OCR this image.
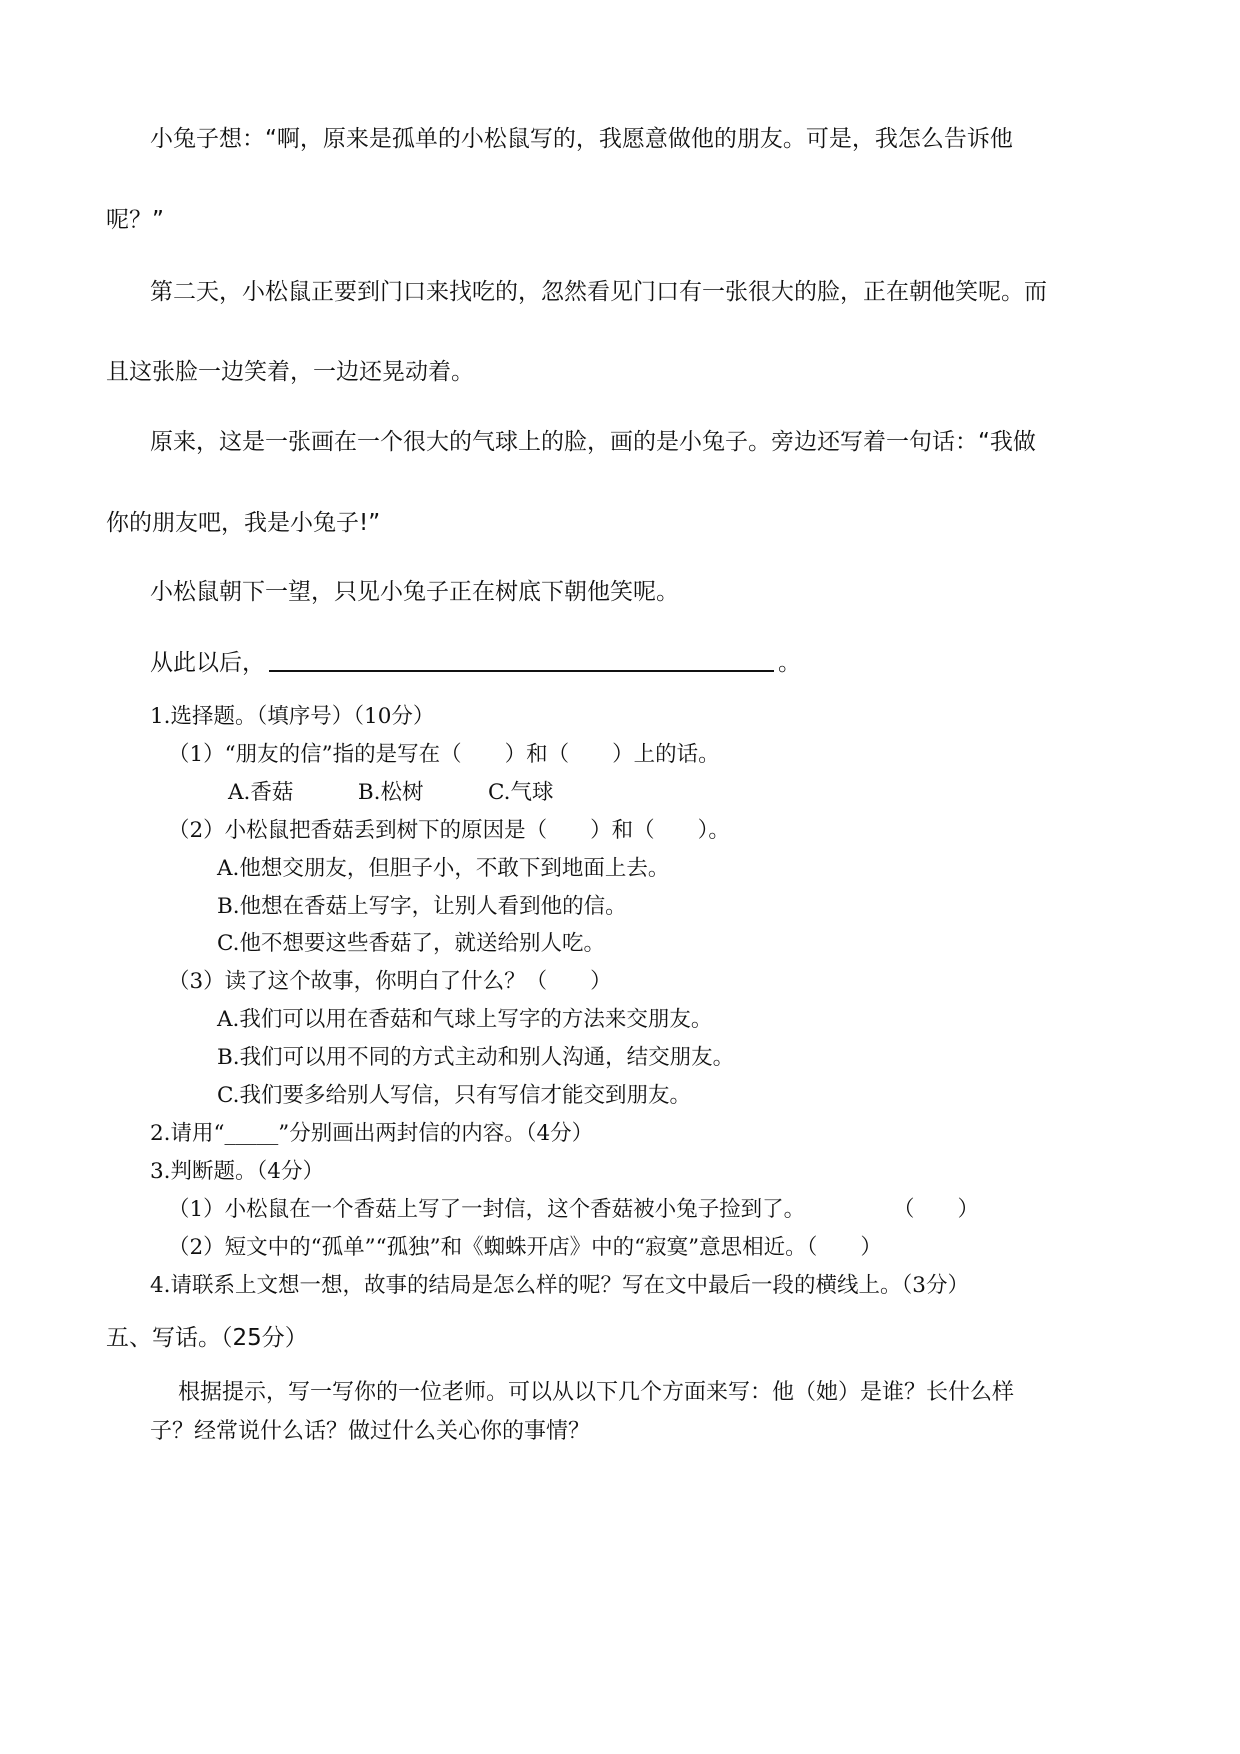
小兔子想：“啊，原来是孤单的小松鼠写的，我愿意做他的朋友。可是，我怎么告诉他
呢？”
第二天，小松鼠正要到门口来找吃的，忽然看见门口有一张很大的脸，正在朝他笑呢。而
且这张脸一边笑着，一边还晃动着。
原来，这是一张画在一个很大的气球上的脸，画的是小兔子。旁边还写着一句话：“我做
你的朋友吧，我是小兔子!”
小松鼠朝下一望，只见小兔子正在树底下朝他笑呢。
从此以后，	。
1.选择题。（填序号）（10分）
（1）“朋友的信”指的是写在（　　）和（　　）上的话。
A.香菇　　　B.松树　　　C.气球
（2）小松鼠把香菇丢到树下的原因是（　　）和（　　）。
A.他想交朋友，但胆子小，不敢下到地面上去。
B.他想在香菇上写字，让别人看到他的信。
C.他不想要这些香菇了，就送给别人吃。
（3）读了这个故事，你明白了什么？（　　）
A.我们可以用在香菇和气球上写字的方法来交朋友。
B.我们可以用不同的方式主动和别人沟通，结交朋友。
C.我们要多给别人写信，只有写信才能交到朋友。
2.请用“_____”分别画出两封信的内容。（4分）
3.判断题。（4分）
（1）小松鼠在一个香菇上写了一封信，这个香菇被小兔子捡到了。	（　　）
（2）短文中的“孤单”“孤独”和《蜘蛛开店》中的“寂寞”意思相近。（　　）
4.请联系上文想一想，故事的结局是怎么样的呢？写在文中最后一段的横线上。（3分）
五、写话。（25分）
根据提示，写一写你的一位老师。可以从以下几个方面来写：他（她）是谁？长什么样
子？经常说什么话？做过什么关心你的事情？
